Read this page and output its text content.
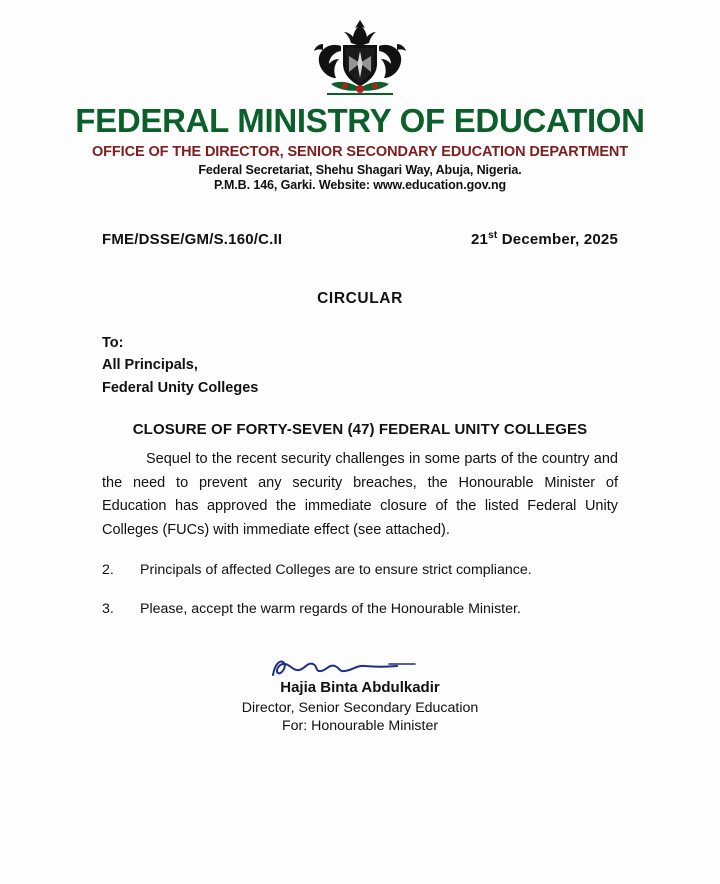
FEDERAL MINISTRY OF EDUCATION
OFFICE OF THE DIRECTOR, SENIOR SECONDARY EDUCATION DEPARTMENT
Federal Secretariat, Shehu Shagari Way, Abuja, Nigeria.
P.M.B. 146, Garki. Website: www.education.gov.ng
FME/DSSE/GM/S.160/C.II	21st December, 2025
CIRCULAR
To:
All Principals,
Federal Unity Colleges
CLOSURE OF FORTY-SEVEN (47) FEDERAL UNITY COLLEGES
Sequel to the recent security challenges in some parts of the country and the need to prevent any security breaches, the Honourable Minister of Education has approved the immediate closure of the listed Federal Unity Colleges (FUCs) with immediate effect (see attached).
2.	Principals of affected Colleges are to ensure strict compliance.
3.	Please, accept the warm regards of the Honourable Minister.
Hajia Binta Abdulkadir
Director, Senior Secondary Education
For: Honourable Minister
